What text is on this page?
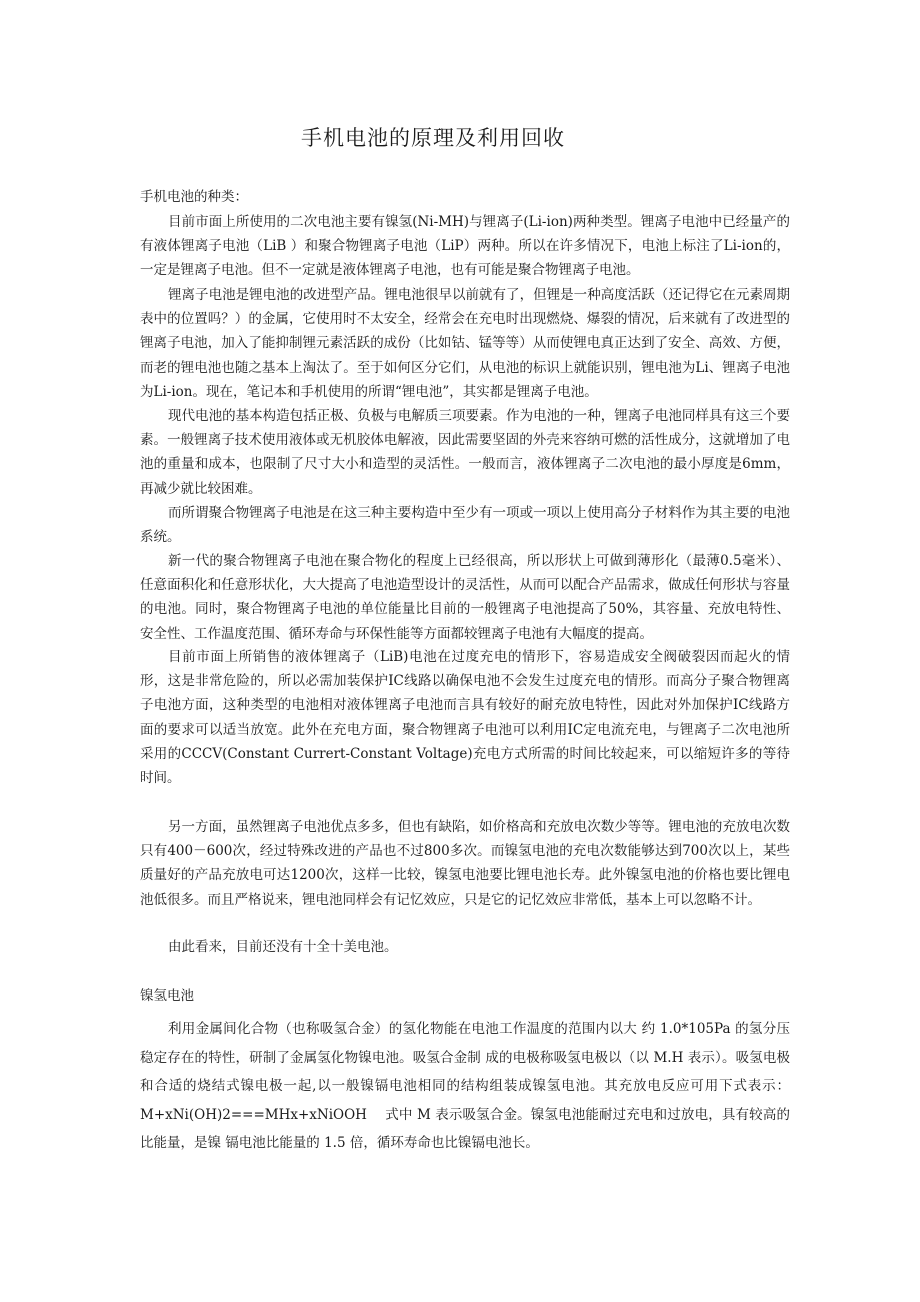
手机电池的原理及利用回收
手机电池的种类：

目前市面上所使用的二次电池主要有镍氢(Ni-MH)与锂离子(Li-ion)两种类型。锂离子电池中已经量产的有液体锂离子电池（LiB ）和聚合物锂离子电池（LiP）两种。所以在许多情况下，电池上标注了Li-ion的，一定是锂离子电池。但不一定就是液体锂离子电池，也有可能是聚合物锂离子电池。

锂离子电池是锂电池的改进型产品。锂电池很早以前就有了，但锂是一种高度活跃（还记得它在元素周期表中的位置吗？）的金属，它使用时不太安全，经常会在充电时出现燃烧、爆裂的情况，后来就有了改进型的锂离子电池，加入了能抑制锂元素活跃的成份（比如钴、锰等等）从而使锂电真正达到了安全、高效、方便，而老的锂电池也随之基本上淘汰了。至于如何区分它们，从电池的标识上就能识别，锂电池为Li、锂离子电池为Li-ion。现在，笔记本和手机使用的所谓“锂电池”，其实都是锂离子电池。

现代电池的基本构造包括正极、负极与电解质三项要素。作为电池的一种，锂离子电池同样具有这三个要素。一般锂离子技术使用液体或无机胶体电解液，因此需要坚固的外壳来容纳可燃的活性成分，这就增加了电池的重量和成本，也限制了尺寸大小和造型的灵活性。一般而言，液体锂离子二次电池的最小厚度是6mm，再减少就比较困难。

而所谓聚合物锂离子电池是在这三种主要构造中至少有一项或一项以上使用高分子材料作为其主要的电池系统。

新一代的聚合物锂离子电池在聚合物化的程度上已经很高，所以形状上可做到薄形化（最薄0.5毫米）、任意面积化和任意形状化，大大提高了电池造型设计的灵活性，从而可以配合产品需求，做成任何形状与容量的电池。同时，聚合物锂离子电池的单位能量比目前的一般锂离子电池提高了50%，其容量、充放电特性、安全性、工作温度范围、循环寿命与环保性能等方面都较锂离子电池有大幅度的提高。

目前市面上所销售的液体锂离子（LiB)电池在过度充电的情形下，容易造成安全阀破裂因而起火的情形，这是非常危险的，所以必需加装保护IC线路以确保电池不会发生过度充电的情形。而高分子聚合物锂离子电池方面，这种类型的电池相对液体锂离子电池而言具有较好的耐充放电特性，因此对外加保护IC线路方面的要求可以适当放宽。此外在充电方面，聚合物锂离子电池可以利用IC定电流充电，与锂离子二次电池所采用的CCCV(Constant Currert-Constant Voltage)充电方式所需的时间比较起来，可以缩短许多的等待时间。

另一方面，虽然锂离子电池优点多多，但也有缺陷，如价格高和充放电次数少等等。锂电池的充放电次数只有400－600次，经过特殊改进的产品也不过800多次。而镍氢电池的充电次数能够达到700次以上，某些质量好的产品充放电可达1200次，这样一比较，镍氢电池要比锂电池长寿。此外镍氢电池的价格也要比锂电池低很多。而且严格说来，锂电池同样会有记忆效应，只是它的记忆效应非常低，基本上可以忽略不计。

由此看来，目前还没有十全十美电池。

镍氢电池

利用金属间化合物（也称吸氢合金）的氢化物能在电池工作温度的范围内以大 约 1.0*105Pa 的氢分压稳定存在的特性，研制了金属氢化物镍电池。吸氢合金制 成的电极称吸氢电极以（以 M.H 表示）。吸氢电极和合适的烧结式镍电极一起,以一般镍镉电池相同的结构组装成镍氢电池。其充放电反应可用下式表示： M+xNi(OH)2===MHx+xNiOOH　 式中 M 表示吸氢合金。镍氢电池能耐过充电和过放电，具有较高的比能量，是镍 镉电池比能量的 1.5 倍，循环寿命也比镍镉电池长。
